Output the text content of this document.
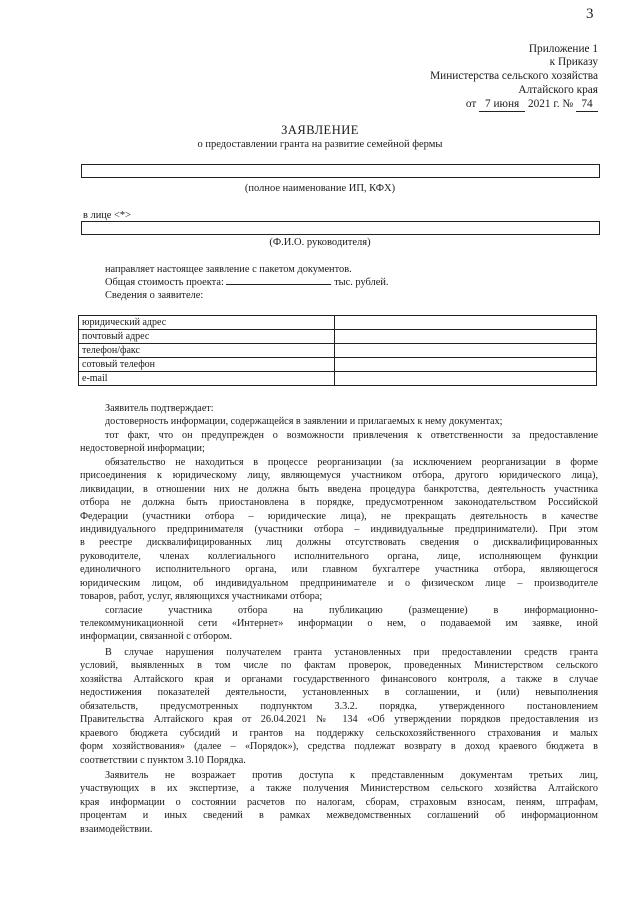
3
Приложение 1
к Приказу
Министерства сельского хозяйства
Алтайского края
от 7 июня 2021 г. № 74
ЗАЯВЛЕНИЕ
о предоставлении гранта на развитие семейной фермы
(полное наименование ИП, КФХ)
в лице <*>
(Ф.И.О. руководителя)
направляет настоящее заявление с пакетом документов.
Общая стоимость проекта:	тыс. рублей.
Сведения о заявителе:
юридический адрес	
почтовый адрес	
телефон/факс	
сотовый телефон	
e-mail	
Заявитель подтверждает:
достоверность информации, содержащейся в заявлении и прилагаемых к нему документах;
тот факт, что он предупрежден о возможности привлечения к ответственности за предоставление
недостоверной информации;
обязательство не находиться в процессе реорганизации (за исключением реорганизации в форме
присоединения к юридическому лицу, являющемуся участником отбора, другого юридического лица),
ликвидации, в отношении них не должна быть введена процедура банкротства, деятельность участника
отбора не должна быть приостановлена в порядке, предусмотренном законодательством Российской
Федерации (участники отбора – юридические лица), не прекращать деятельность в качестве
индивидуального предпринимателя (участники отбора – индивидуальные предприниматели). При этом
в реестре дисквалифицированных лиц должны отсутствовать сведения о дисквалифицированных
руководителе, членах коллегиального исполнительного органа, лице, исполняющем функции
единоличного исполнительного органа, или главном бухгалтере участника отбора, являющегося
юридическим лицом, об индивидуальном предпринимателе и о физическом лице – производителе
товаров, работ, услуг, являющихся участниками отбора;
согласие участника отбора на публикацию (размещение) в информационно-
телекоммуникационной сети «Интернет» информации о нем, о подаваемой им заявке, иной
информации, связанной с отбором.
В случае нарушения получателем гранта установленных при предоставлении средств гранта
условий, выявленных в том числе по фактам проверок, проведенных Министерством сельского
хозяйства Алтайского края и органами государственного финансового контроля, а также в случае
недостижения показателей деятельности, установленных в соглашении, и (или) невыполнения
обязательств, предусмотренных подпунктом 3.3.2. порядка, утвержденного постановлением
Правительства Алтайского края от 26.04.2021 № 134 «Об утверждении порядков предоставления из
краевого бюджета субсидий и грантов на поддержку сельскохозяйственного страхования и малых
форм хозяйствования» (далее – «Порядок»), средства подлежат возврату в доход краевого бюджета в
соответствии с пунктом 3.10 Порядка.
Заявитель не возражает против доступа к представленным документам третьих лиц,
участвующих в их экспертизе, а также получения Министерством сельского хозяйства Алтайского
края информации о состоянии расчетов по налогам, сборам, страховым взносам, пеням, штрафам,
процентам и иных сведений в рамках межведомственных соглашений об информационном
взаимодействии.
